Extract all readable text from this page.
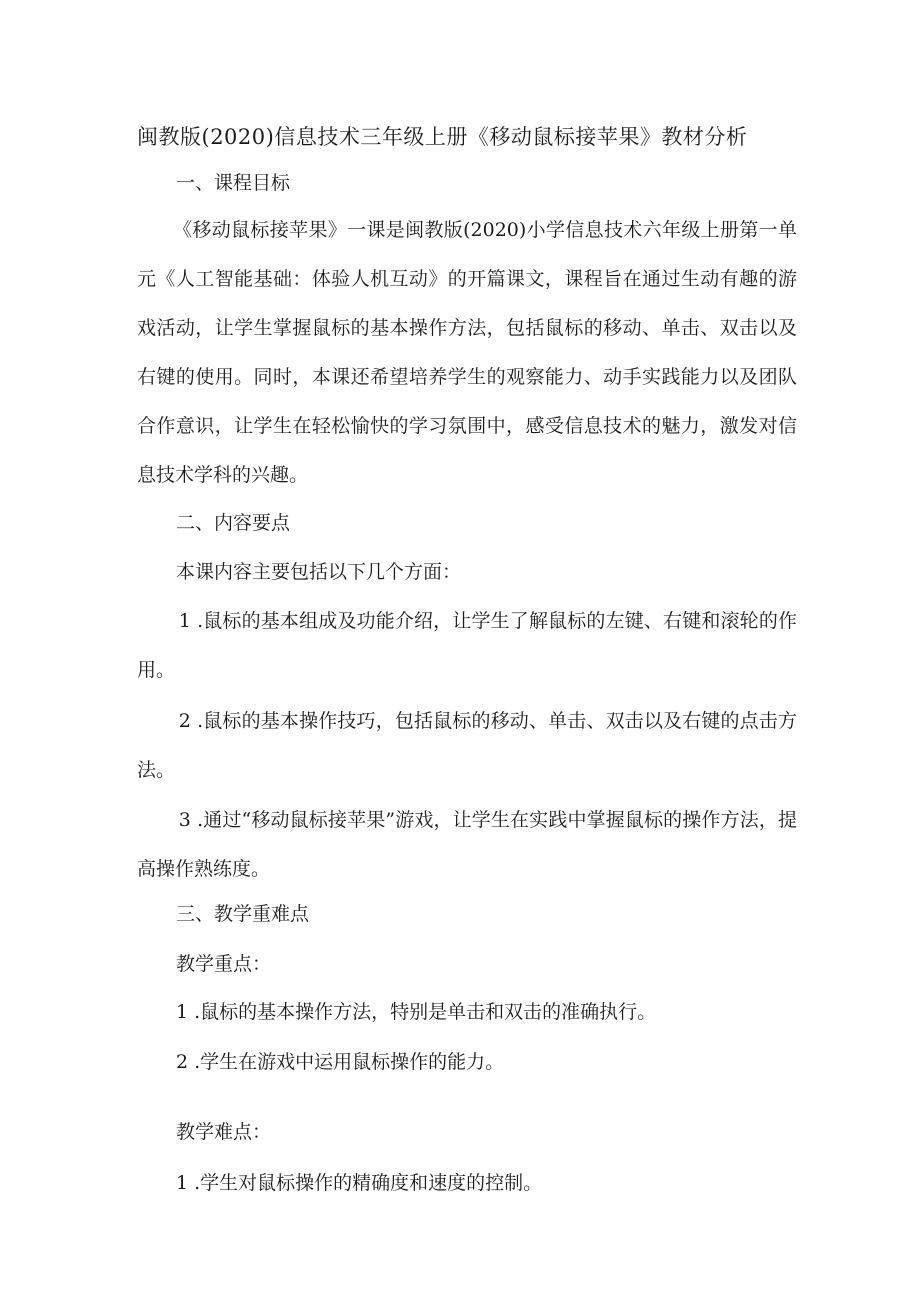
闽教版(2020)信息技术三年级上册《移动鼠标接苹果》教材分析
一、课程目标
《移动鼠标接苹果》一课是闽教版(2020)小学信息技术六年级上册第一单元《人工智能基础：体验人机互动》的开篇课文，课程旨在通过生动有趣的游戏活动，让学生掌握鼠标的基本操作方法，包括鼠标的移动、单击、双击以及右键的使用。同时，本课还希望培养学生的观察能力、动手实践能力以及团队合作意识，让学生在轻松愉快的学习氛围中，感受信息技术的魅力，激发对信息技术学科的兴趣。
二、内容要点
本课内容主要包括以下几个方面：
1 .鼠标的基本组成及功能介绍，让学生了解鼠标的左键、右键和滚轮的作用。
2 .鼠标的基本操作技巧，包括鼠标的移动、单击、双击以及右键的点击方法。
3 .通过“移动鼠标接苹果”游戏，让学生在实践中掌握鼠标的操作方法，提高操作熟练度。
三、教学重难点
教学重点：
1 .鼠标的基本操作方法，特别是单击和双击的准确执行。
2 .学生在游戏中运用鼠标操作的能力。
教学难点：
1 .学生对鼠标操作的精确度和速度的控制。
